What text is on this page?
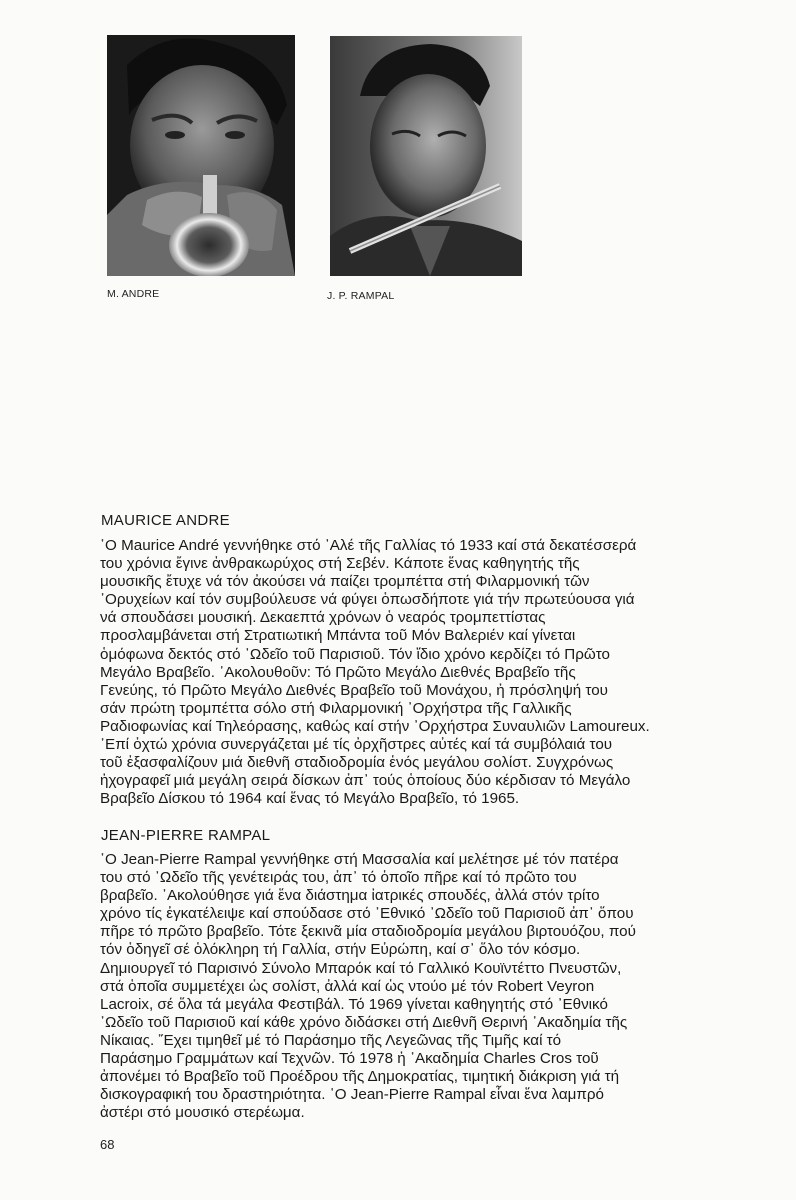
M. ANDRE	J. P. RAMPAL
MAURICE ANDRE
῾Ο Maurice André γεννήθηκε στό ᾿Αλέ τῆς Γαλλίας τό 1933 καί στά δεκατέσσερά
του χρόνια ἔγινε ἀνθρακωρύχος στή Σεβέν. Κάποτε ἕνας καθηγητής τῆς
μουσικῆς ἔτυχε νά τόν ἀκούσει νά παίζει τρομπέττα στή Φιλαρμονική τῶν
᾿Ορυχείων καί τόν συμβούλευσε νά φύγει ὁπωσδήποτε γιά τήν πρωτεύουσα γιά
νά σπουδάσει μουσική. Δεκαεπτά χρόνων ὁ νεαρός τρομπεττίστας
προσλαμβάνεται στή Στρατιωτική Μπάντα τοῦ Μόν Βαλεριέν καί γίνεται
ὁμόφωνα δεκτός στό ᾿Ωδεῖο τοῦ Παρισιοῦ. Τόν ἴδιο χρόνο κερδίζει τό Πρῶτο
Μεγάλο Βραβεῖο. ᾿Ακολουθοῦν: Τό Πρῶτο Μεγάλο Διεθνές Βραβεῖο τῆς
Γενεύης, τό Πρῶτο Μεγάλο Διεθνές Βραβεῖο τοῦ Μονάχου, ἡ πρόσληψή του
σάν πρώτη τρομπέττα σόλο στή Φιλαρμονική ᾿Ορχήστρα τῆς Γαλλικῆς
Ραδιοφωνίας καί Τηλεόρασης, καθώς καί στήν ᾿Ορχήστρα Συναυλιῶν Lamoureux.
᾿Επί ὀχτώ χρόνια συνεργάζεται μέ τίς ὀρχῆστρες αὐτές καί τά συμβόλαιά του
τοῦ ἐξασφαλίζουν μιά διεθνῆ σταδιοδρομία ἑνός μεγάλου σολίστ. Συγχρόνως
ἠχογραφεῖ μιά μεγάλη σειρά δίσκων ἀπ᾿ τούς ὁποίους δύο κέρδισαν τό Μεγάλο
Βραβεῖο Δίσκου τό 1964 καί ἕνας τό Μεγάλο Βραβεῖο, τό 1965.
JEAN-PIERRE RAMPAL
῾Ο Jean-Pierre Rampal γεννήθηκε στή Μασσαλία καί μελέτησε μέ τόν πατέρα
του στό ᾿Ωδεῖο τῆς γενέτειράς του, ἀπ᾿ τό ὁποῖο πῆρε καί τό πρῶτο του
βραβεῖο. ᾿Ακολούθησε γιά ἕνα διάστημα ἰατρικές σπουδές, ἀλλά στόν τρίτο
χρόνο τίς ἐγκατέλειψε καί σπούδασε στό ᾿Εθνικό ᾿Ωδεῖο τοῦ Παρισιοῦ ἀπ᾿ ὅπου
πῆρε τό πρῶτο βραβεῖο. Τότε ξεκινᾶ μία σταδιοδρομία μεγάλου βιρτουόζου, πού
τόν ὁδηγεῖ σέ ὁλόκληρη τή Γαλλία, στήν Εὐρώπη, καί σ᾿ ὅλο τόν κόσμο.
Δημιουργεῖ τό Παρισινό Σύνολο Μπαρόκ καί τό Γαλλικό Κουϊντέττο Πνευστῶν,
στά ὁποῖα συμμετέχει ὡς σολίστ, ἀλλά καί ὡς ντούο μέ τόν Robert Veyron
Lacroix, σέ ὅλα τά μεγάλα Φεστιβάλ. Τό 1969 γίνεται καθηγητής στό ᾿Εθνικό
᾿Ωδεῖο τοῦ Παρισιοῦ καί κάθε χρόνο διδάσκει στή Διεθνῆ Θερινή ᾿Ακαδημία τῆς
Νίκαιας. ῎Εχει τιμηθεῖ μέ τό Παράσημο τῆς Λεγεῶνας τῆς Τιμῆς καί τό
Παράσημο Γραμμάτων καί Τεχνῶν. Τό 1978 ἡ ᾿Ακαδημία Charles Cros τοῦ
ἀπονέμει τό Βραβεῖο τοῦ Προέδρου τῆς Δημοκρατίας, τιμητική διάκριση γιά τή
δισκογραφική του δραστηριότητα. ῾Ο Jean-Pierre Rampal εἶναι ἕνα λαμπρό
ἀστέρι στό μουσικό στερέωμα.
68
